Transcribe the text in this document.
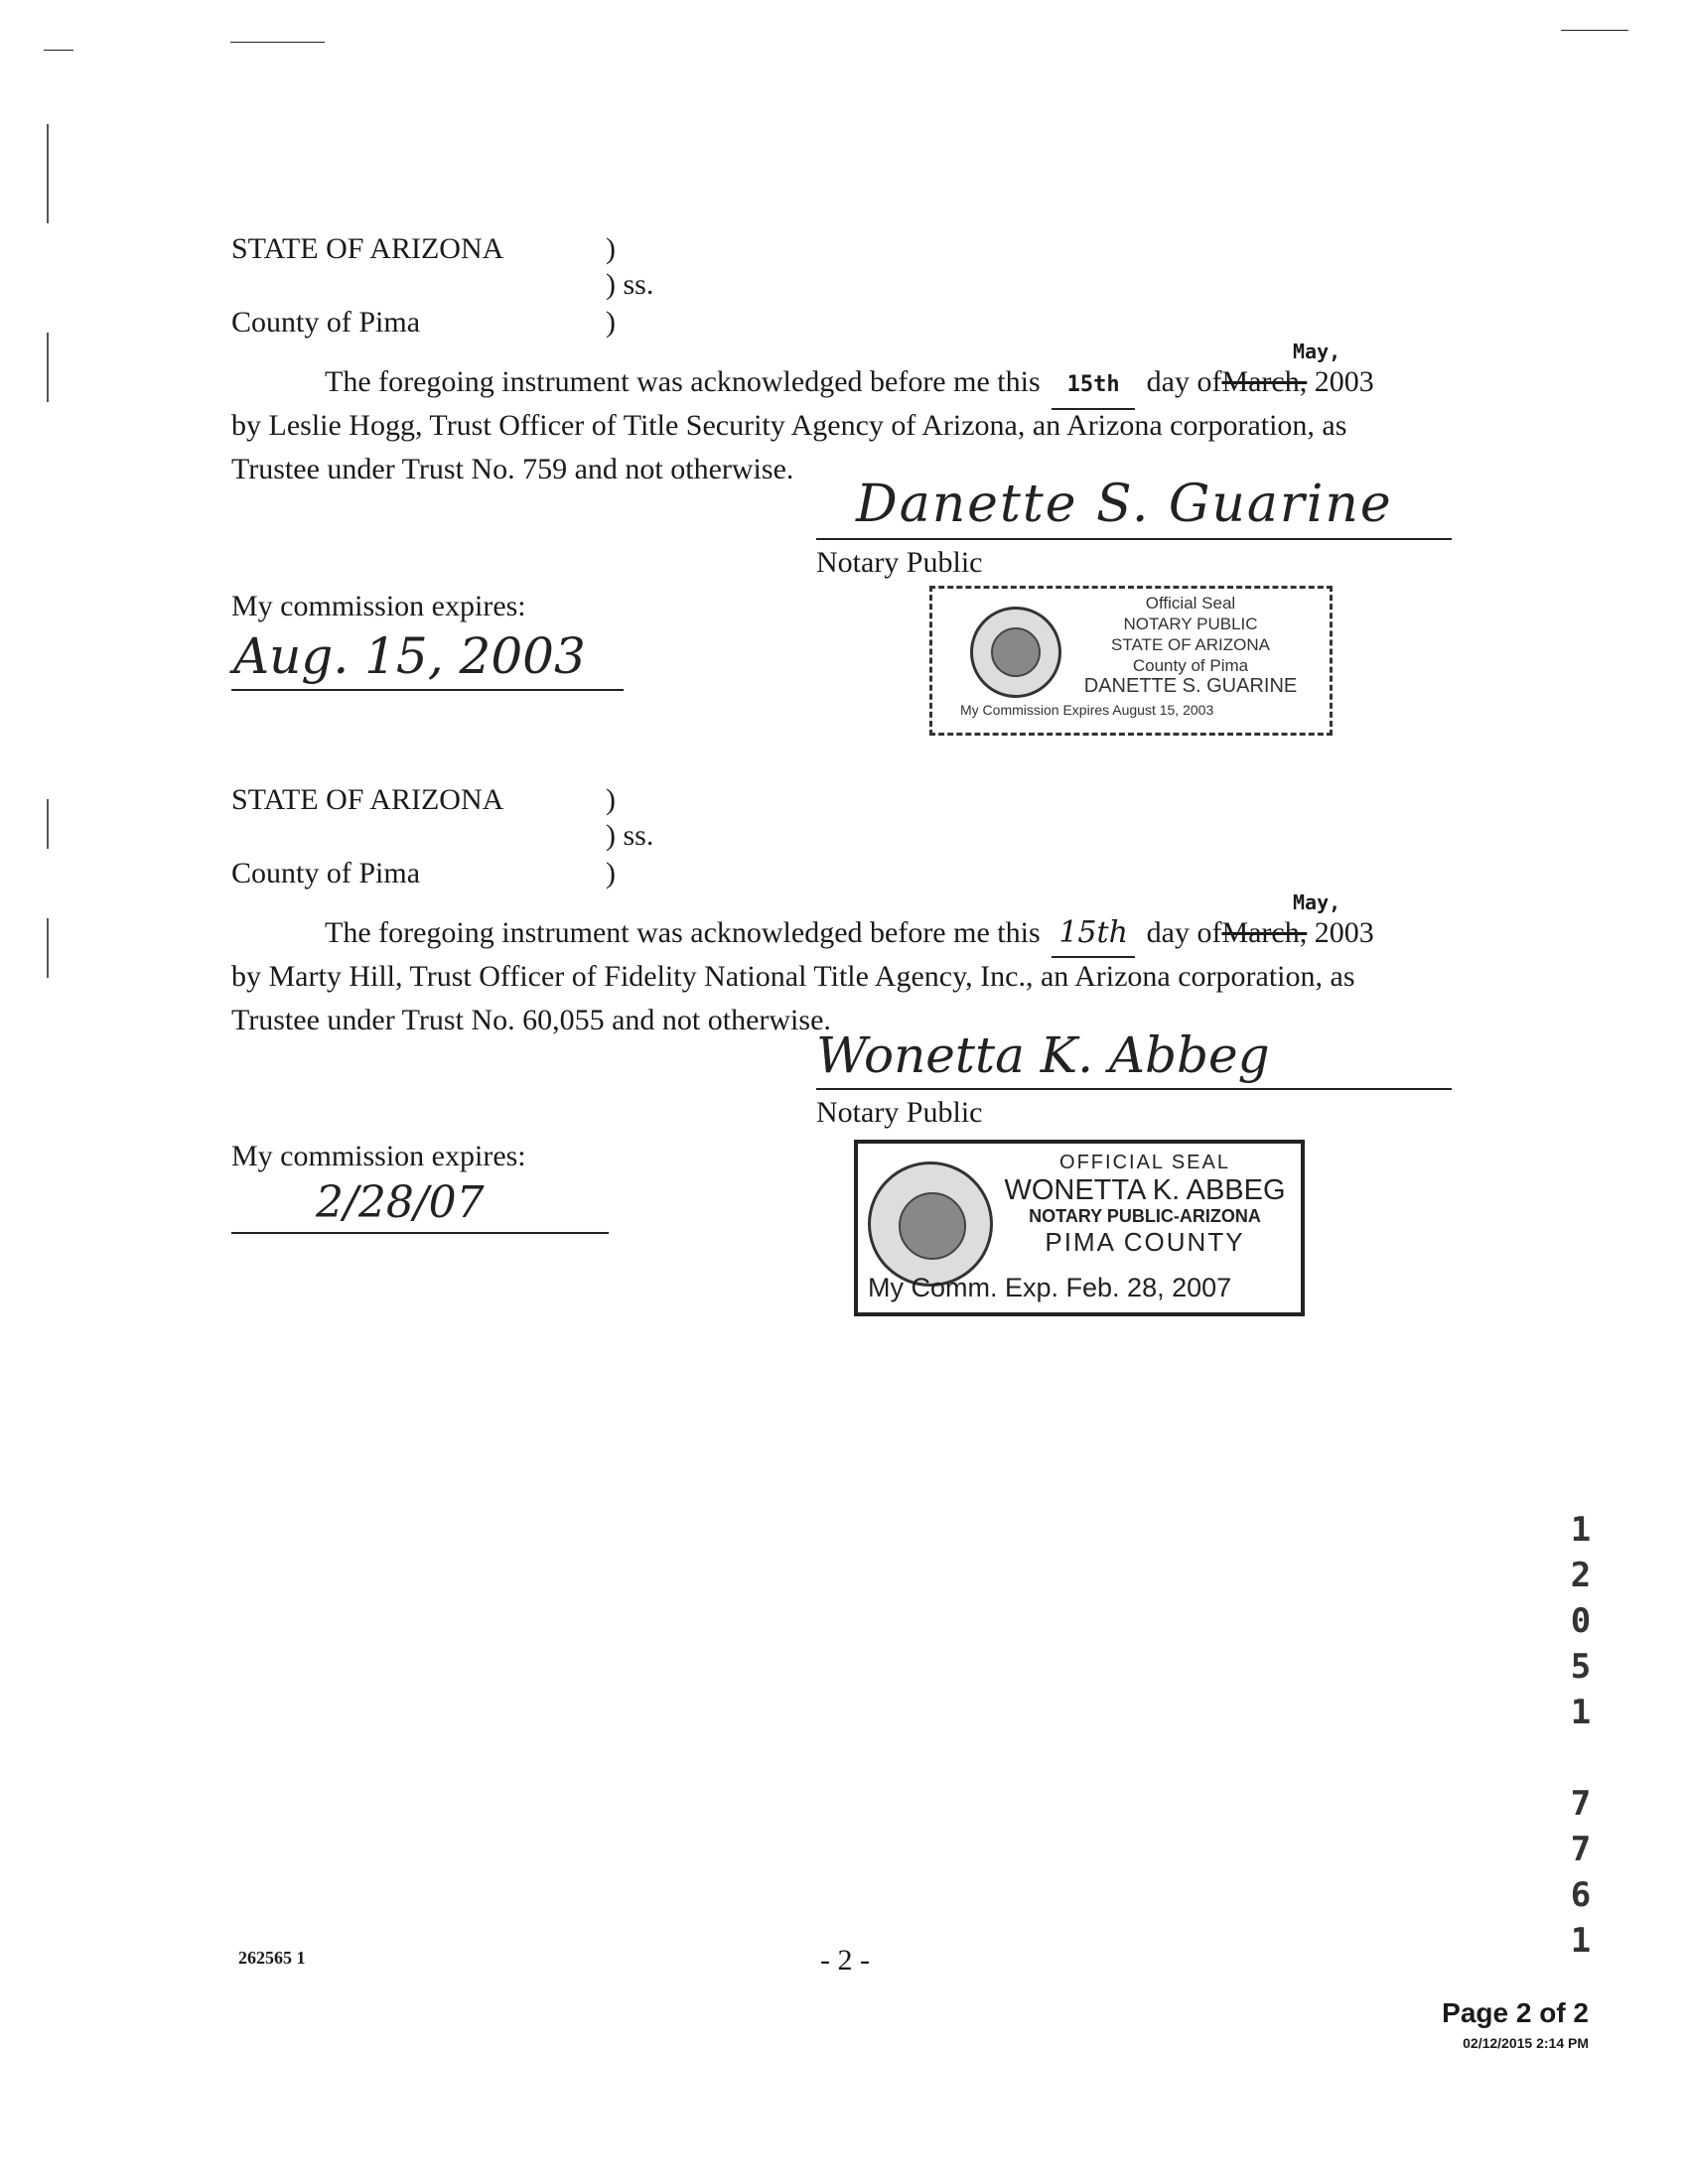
STATE OF ARIZONA	)
) ss.
County of Pima	)
May,
The foregoing instrument was acknowledged before me this 15th day ofMarch, 2003
by Leslie Hogg, Trust Officer of Title Security Agency of Arizona, an Arizona corporation, as
Trustee under Trust No. 759 and not otherwise.
Danette S. Guarine
Notary Public
My commission expires:
Aug. 15, 2003
Official Seal
NOTARY PUBLIC
STATE OF ARIZONA
County of Pima
DANETTE S. GUARINE
My Commission Expires August 15, 2003
STATE OF ARIZONA	)
) ss.
County of Pima	)
May,
The foregoing instrument was acknowledged before me this 15th day ofMarch, 2003
by Marty Hill, Trust Officer of Fidelity National Title Agency, Inc., an Arizona corporation, as
Trustee under Trust No. 60,055 and not otherwise.
Wonetta K. Abbeg
Notary Public
My commission expires:
2/28/07
OFFICIAL SEAL
WONETTA K. ABBEG
NOTARY PUBLIC-ARIZONA
PIMA COUNTY
My Comm. Exp. Feb. 28, 2007
1
2
0
5
1
7
7
6
1
262565 1	- 2 -
Page 2 of 2
02/12/2015 2:14 PM
